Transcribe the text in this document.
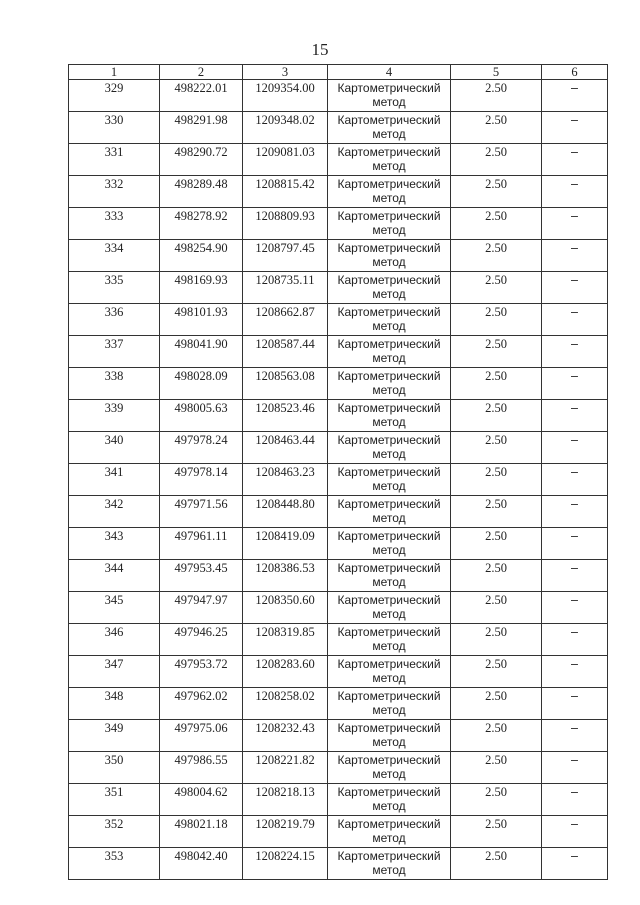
15
1	2	3	4	5	6
329	498222.01	1209354.00	Картометрический метод	2.50	–
330	498291.98	1209348.02	Картометрический метод	2.50	–
331	498290.72	1209081.03	Картометрический метод	2.50	–
332	498289.48	1208815.42	Картометрический метод	2.50	–
333	498278.92	1208809.93	Картометрический метод	2.50	–
334	498254.90	1208797.45	Картометрический метод	2.50	–
335	498169.93	1208735.11	Картометрический метод	2.50	–
336	498101.93	1208662.87	Картометрический метод	2.50	–
337	498041.90	1208587.44	Картометрический метод	2.50	–
338	498028.09	1208563.08	Картометрический метод	2.50	–
339	498005.63	1208523.46	Картометрический метод	2.50	–
340	497978.24	1208463.44	Картометрический метод	2.50	–
341	497978.14	1208463.23	Картометрический метод	2.50	–
342	497971.56	1208448.80	Картометрический метод	2.50	–
343	497961.11	1208419.09	Картометрический метод	2.50	–
344	497953.45	1208386.53	Картометрический метод	2.50	–
345	497947.97	1208350.60	Картометрический метод	2.50	–
346	497946.25	1208319.85	Картометрический метод	2.50	–
347	497953.72	1208283.60	Картометрический метод	2.50	–
348	497962.02	1208258.02	Картометрический метод	2.50	–
349	497975.06	1208232.43	Картометрический метод	2.50	–
350	497986.55	1208221.82	Картометрический метод	2.50	–
351	498004.62	1208218.13	Картометрический метод	2.50	–
352	498021.18	1208219.79	Картометрический метод	2.50	–
353	498042.40	1208224.15	Картометрический метод	2.50	–
